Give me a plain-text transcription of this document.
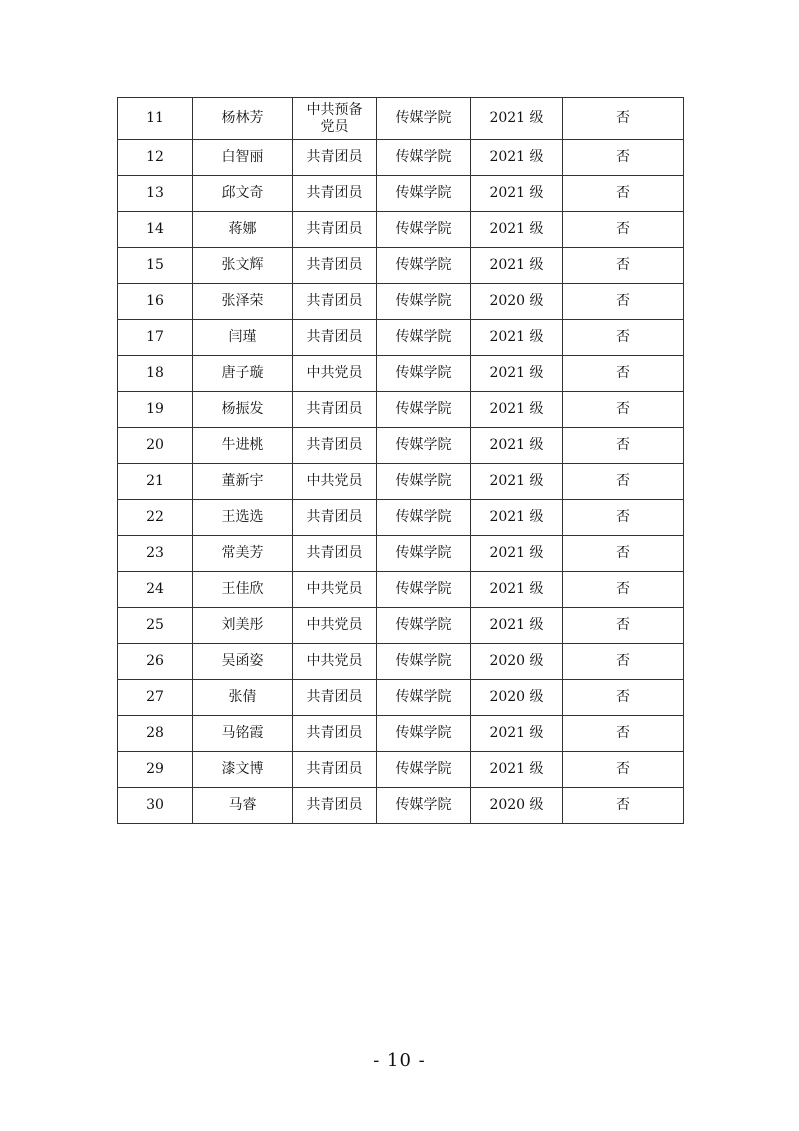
11	杨林芳	中共预备党员	传媒学院	2021 级	否
12	白智丽	共青团员	传媒学院	2021 级	否
13	邱文奇	共青团员	传媒学院	2021 级	否
14	蒋娜	共青团员	传媒学院	2021 级	否
15	张文辉	共青团员	传媒学院	2021 级	否
16	张泽荣	共青团员	传媒学院	2020 级	否
17	闫瑾	共青团员	传媒学院	2021 级	否
18	唐子璇	中共党员	传媒学院	2021 级	否
19	杨振发	共青团员	传媒学院	2021 级	否
20	牛进桃	共青团员	传媒学院	2021 级	否
21	董新宇	中共党员	传媒学院	2021 级	否
22	王选选	共青团员	传媒学院	2021 级	否
23	常美芳	共青团员	传媒学院	2021 级	否
24	王佳欣	中共党员	传媒学院	2021 级	否
25	刘美彤	中共党员	传媒学院	2021 级	否
26	吴函姿	中共党员	传媒学院	2020 级	否
27	张倩	共青团员	传媒学院	2020 级	否
28	马铭霞	共青团员	传媒学院	2021 级	否
29	漆文博	共青团员	传媒学院	2021 级	否
30	马睿	共青团员	传媒学院	2020 级	否
- 10 -
